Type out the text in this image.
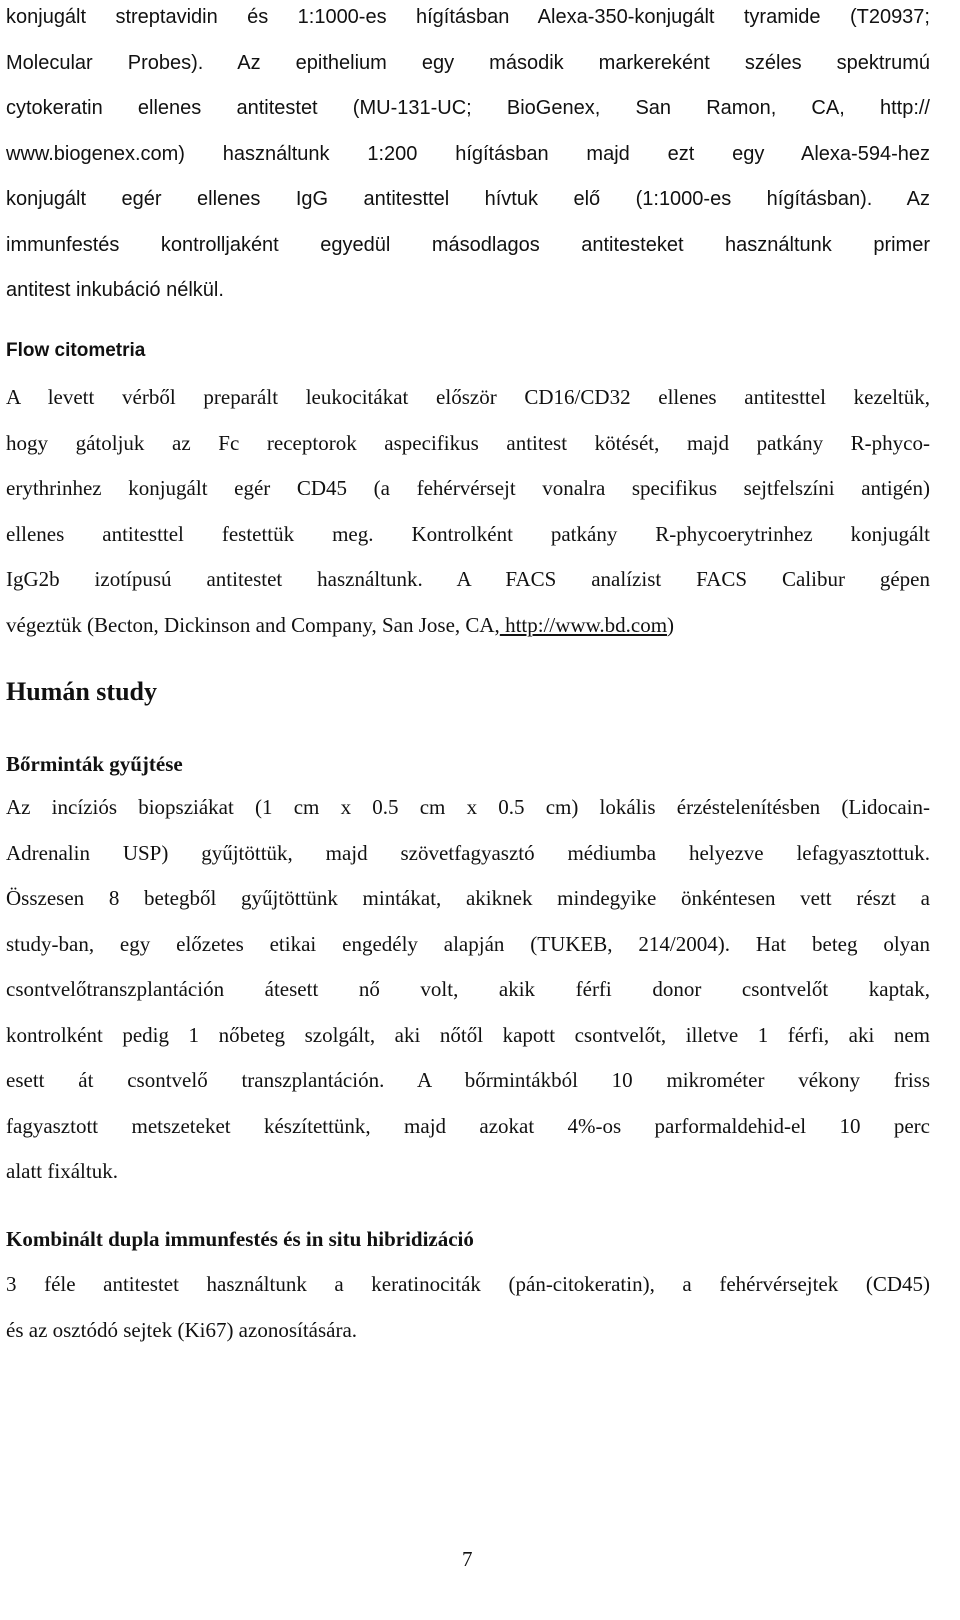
konjugált streptavidin és 1:1000-es hígításban Alexa-350-konjugált tyramide (T20937;
Molecular Probes). Az epithelium egy második markereként széles spektrumú
cytokeratin ellenes antitestet (MU-131-UC; BioGenex, San Ramon, CA, http://
www.biogenex.com) használtunk 1:200 hígításban majd ezt egy Alexa-594-hez
konjugált egér ellenes IgG antitesttel hívtuk elő (1:1000-es hígításban). Az
immunfestés kontrolljaként egyedül másodlagos antitesteket használtunk primer
antitest inkubáció nélkül.
Flow citometria
A levett vérből preparált leukocitákat először CD16/CD32 ellenes antitesttel kezeltük,
hogy gátoljuk az Fc receptorok aspecifikus antitest kötését, majd patkány R-phyco-
erythrinhez konjugált egér CD45 (a fehérvérsejt vonalra specifikus sejtfelszíni antigén)
ellenes antitesttel festettük meg. Kontrolként patkány R-phycoerytrinhez konjugált
IgG2b izotípusú antitestet használtunk. A FACS analízist FACS Calibur gépen
végeztük (Becton, Dickinson and Company, San Jose, CA, http://www.bd.com)
Humán study
Bőrminták gyűjtése
Az incíziós biopsziákat (1 cm x 0.5 cm x 0.5 cm) lokális érzéstelenítésben (Lidocain-
Adrenalin USP) gyűjtöttük, majd szövetfagyasztó médiumba helyezve lefagyasztottuk.
Összesen 8 betegből gyűjtöttünk mintákat, akiknek mindegyike önkéntesen vett részt a
study-ban, egy előzetes etikai engedély alapján (TUKEB, 214/2004). Hat beteg olyan
csontvelőtranszplantáción átesett nő volt, akik férfi donor csontvelőt kaptak,
kontrolként pedig 1 nőbeteg szolgált, aki nőtől kapott csontvelőt, illetve 1 férfi, aki nem
esett át csontvelő transzplantáción. A bőrmintákból 10 mikrométer vékony friss
fagyasztott metszeteket készítettünk, majd azokat 4%-os parformaldehid-el 10 perc
alatt fixáltuk.
Kombinált dupla immunfestés és in situ hibridizáció
3 féle antitestet használtunk a keratinociták (pán-citokeratin), a fehérvérsejtek (CD45)
és az osztódó sejtek (Ki67) azonosítására.
7
